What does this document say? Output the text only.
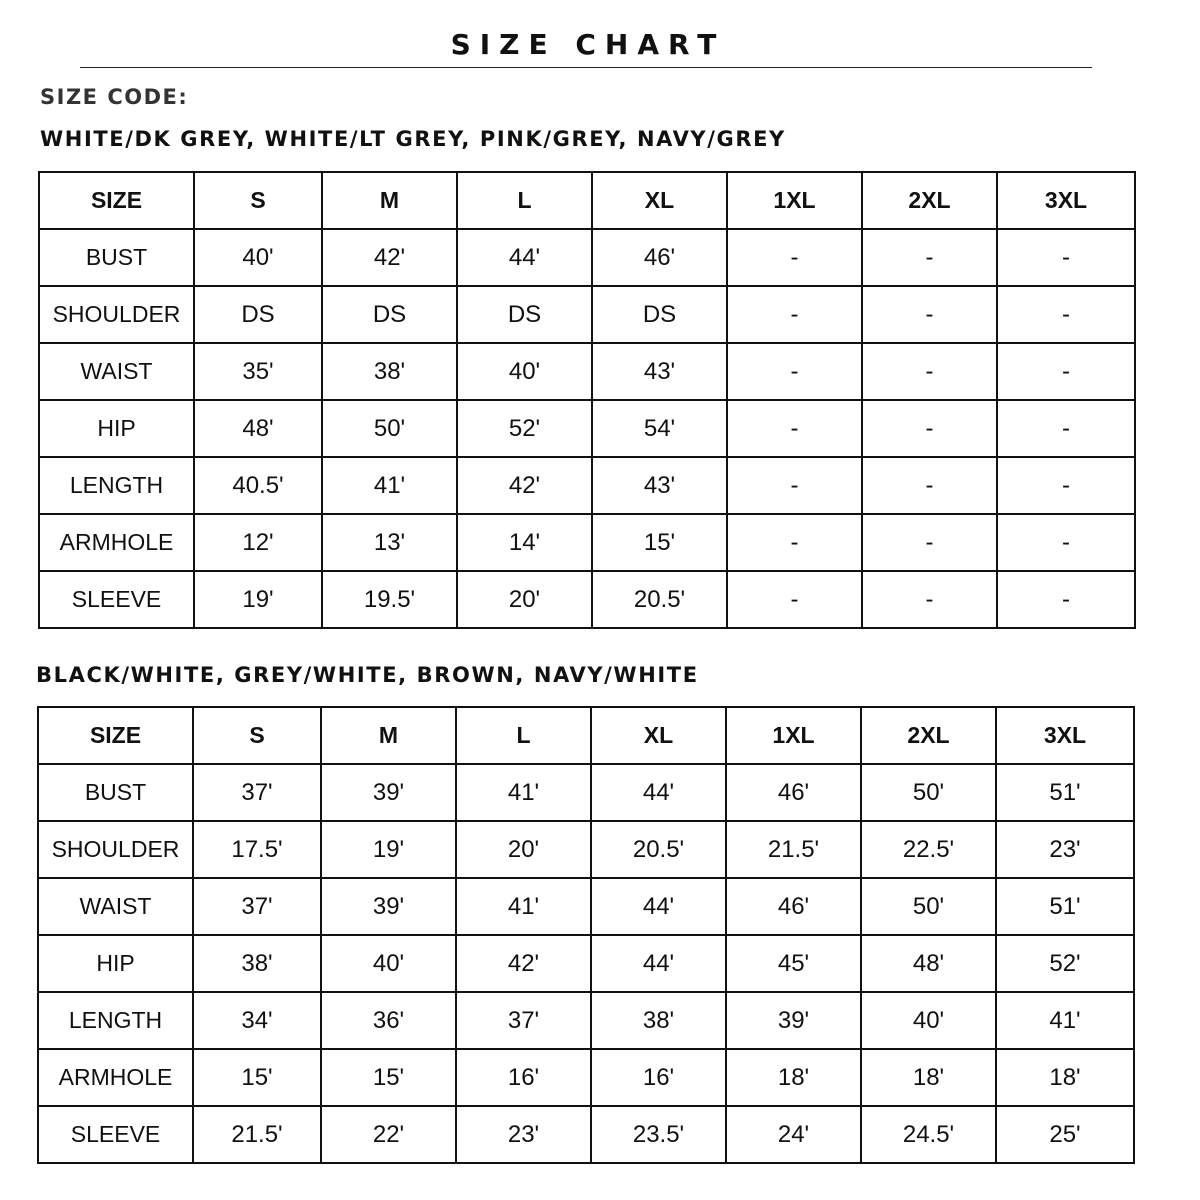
SIZE CHART
SIZE CODE:
WHITE/DK GREY, WHITE/LT GREY, PINK/GREY, NAVY/GREY
SIZE	S	M	L	XL	1XL	2XL	3XL
BUST	40'	42'	44'	46'	-	-	-
SHOULDER	DS	DS	DS	DS	-	-	-
WAIST	35'	38'	40'	43'	-	-	-
HIP	48'	50'	52'	54'	-	-	-
LENGTH	40.5'	41'	42'	43'	-	-	-
ARMHOLE	12'	13'	14'	15'	-	-	-
SLEEVE	19'	19.5'	20'	20.5'	-	-	-
BLACK/WHITE, GREY/WHITE, BROWN, NAVY/WHITE
SIZE	S	M	L	XL	1XL	2XL	3XL
BUST	37'	39'	41'	44'	46'	50'	51'
SHOULDER	17.5'	19'	20'	20.5'	21.5'	22.5'	23'
WAIST	37'	39'	41'	44'	46'	50'	51'
HIP	38'	40'	42'	44'	45'	48'	52'
LENGTH	34'	36'	37'	38'	39'	40'	41'
ARMHOLE	15'	15'	16'	16'	18'	18'	18'
SLEEVE	21.5'	22'	23'	23.5'	24'	24.5'	25'
